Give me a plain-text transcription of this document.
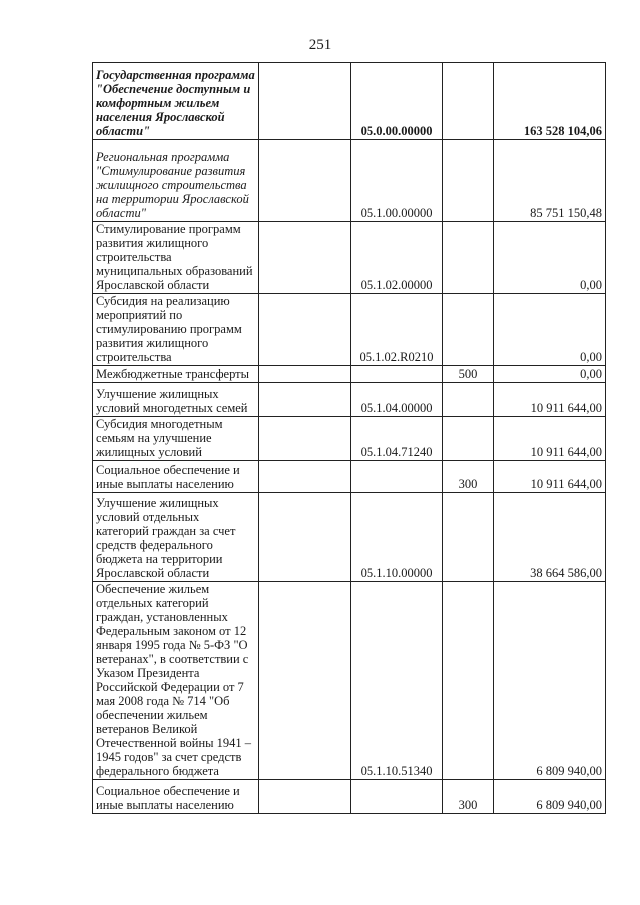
251
Государственная программа "Обеспечение доступным и комфортным жильем населения Ярославской области"		05.0.00.00000		163 528 104,06
Региональная программа "Стимулирование развития жилищного строительства на территории Ярославской области"		05.1.00.00000		85 751 150,48
Стимулирование программ развития жилищного строительства муниципальных образований Ярославской области		05.1.02.00000		0,00
Субсидия на реализацию мероприятий по стимулированию программ развития жилищного строительства		05.1.02.R0210		0,00
Межбюджетные трансферты			500	0,00
Улучшение жилищных условий многодетных семей		05.1.04.00000		10 911 644,00
Субсидия многодетным семьям на улучшение жилищных условий		05.1.04.71240		10 911 644,00
Социальное обеспечение и иные выплаты населению			300	10 911 644,00
Улучшение жилищных условий отдельных категорий граждан за счет средств федерального бюджета на территории Ярославской области		05.1.10.00000		38 664 586,00
Обеспечение жильем отдельных категорий граждан, установленных Федеральным законом от 12 января 1995 года № 5-ФЗ "О ветеранах", в соответствии с Указом Президента Российской Федерации от 7 мая 2008 года № 714 "Об обеспечении жильем ветеранов Великой Отечественной войны 1941 – 1945 годов" за счет средств федерального бюджета		05.1.10.51340		6 809 940,00
Социальное обеспечение и иные выплаты населению			300	6 809 940,00
